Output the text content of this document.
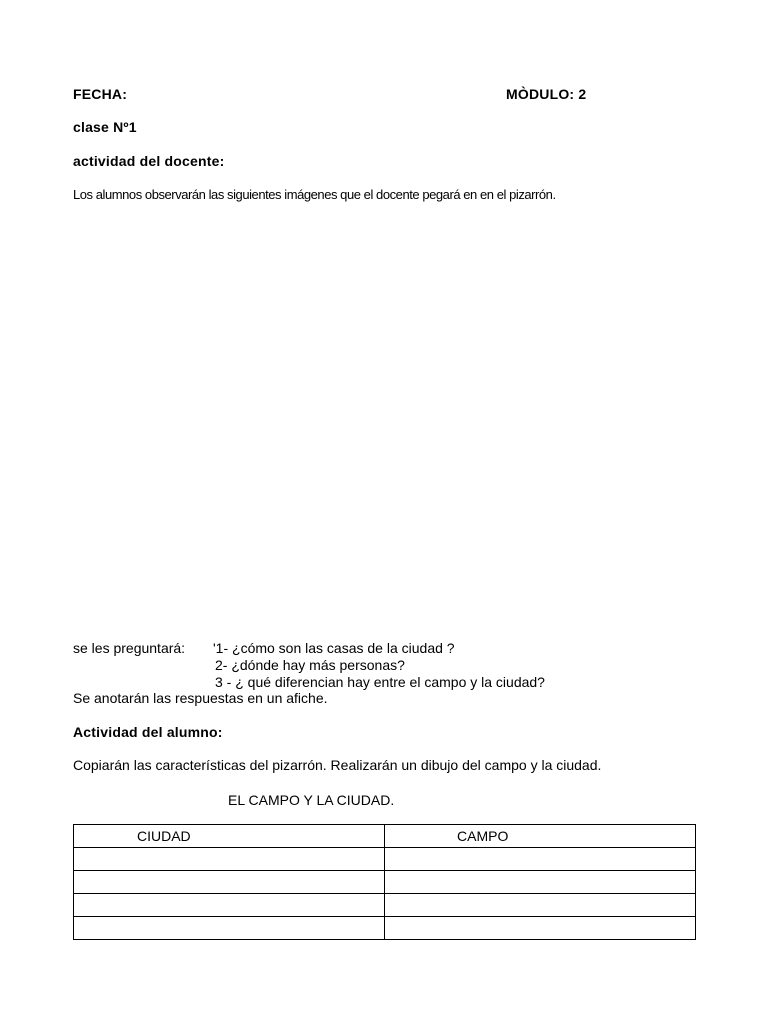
FECHA:	MÒDULO: 2
clase Nº1
actividad del docente:
Los alumnos observarán las siguientes imágenes que el docente pegará en en el pizarrón.
se les preguntará: '1- ¿cómo son las casas de la ciudad ?
2- ¿dónde hay más personas?
3 - ¿ qué diferencian hay entre el campo y la ciudad?
Se anotarán las respuestas en un afiche.
Actividad del alumno:
Copiarán las características del pizarrón. Realizarán un dibujo del campo y la ciudad.
EL CAMPO Y LA CIUDAD.
CIUDAD	CAMPO
